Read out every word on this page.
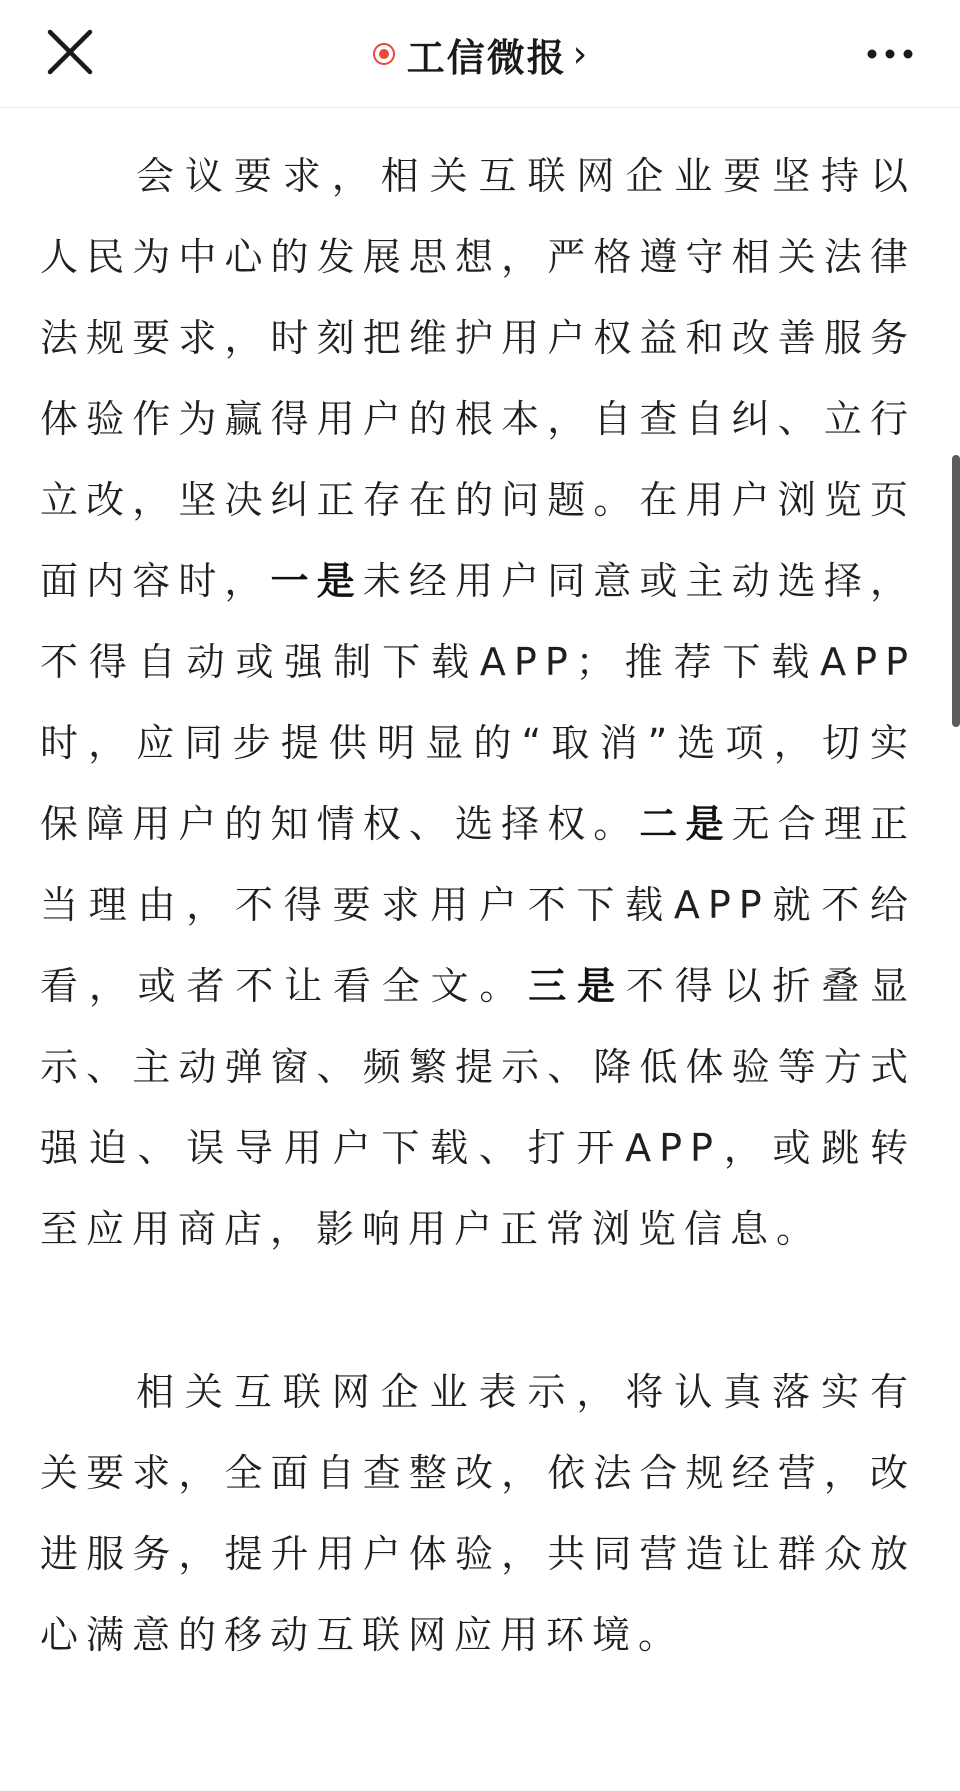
工信微报 ›

会议要求，相关互联网企业要坚持以人民为中心的发展思想，严格遵守相关法律法规要求，时刻把维护用户权益和改善服务体验作为赢得用户的根本，自查自纠、立行立改，坚决纠正存在的问题。在用户浏览页面内容时，一是未经用户同意或主动选择，不得自动或强制下载APP；推荐下载APP时，应同步提供明显的“取消”选项，切实保障用户的知情权、选择权。二是无合理正当理由，不得要求用户不下载APP就不给看，或者不让看全文。三是不得以折叠显示、主动弹窗、频繁提示、降低体验等方式强迫、误导用户下载、打开APP，或跳转至应用商店，影响用户正常浏览信息。

相关互联网企业表示，将认真落实有关要求，全面自查整改，依法合规经营，改进服务，提升用户体验，共同营造让群众放心满意的移动互联网应用环境。
